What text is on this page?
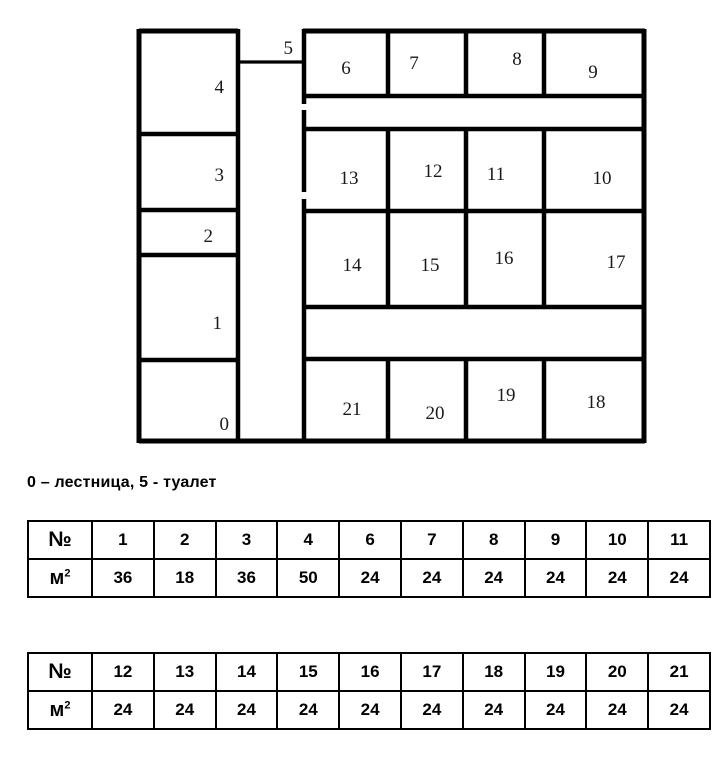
4
3
2
1
0
5
6	7	8
9
13	12 11	10
14	15	16	17
21	20
19	18
0 – лестница, 5 - туалет
№	1	2	3	4	6	7	8	9	10	11
$м^2$	36	18	36	50	24	24	24	24	24	24
№	12	13	14	15	16	17	18	19	20	21
$м^2$	24	24	24	24	24	24	24	24	24	24
